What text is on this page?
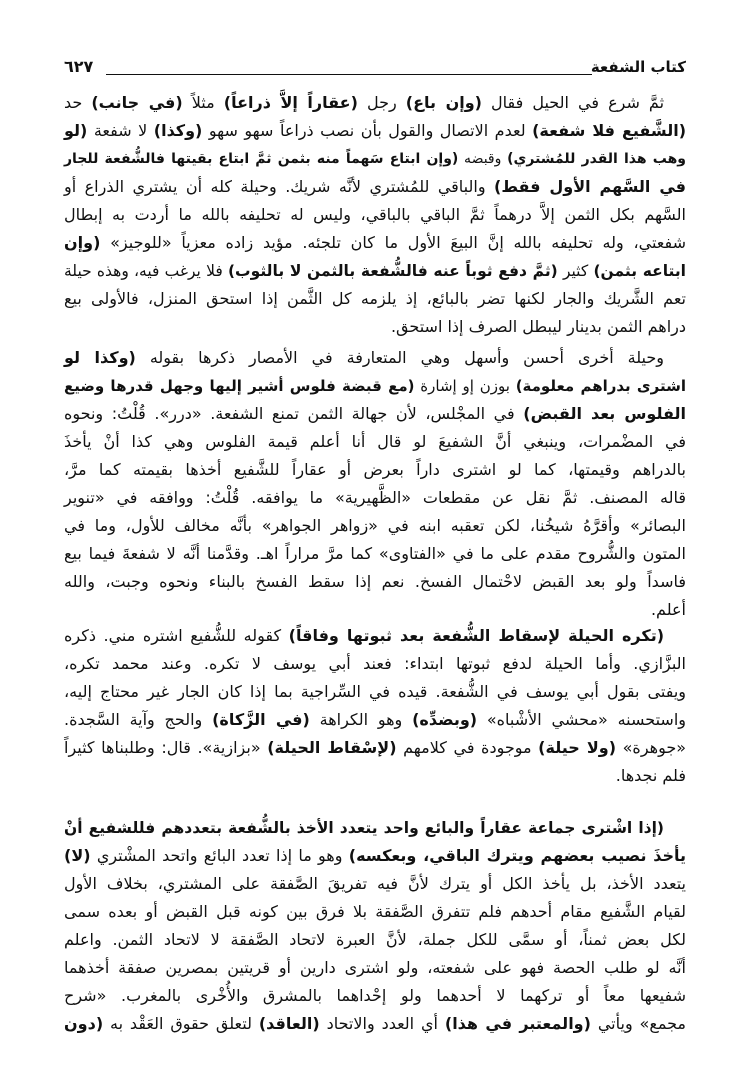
كتاب الشفعة
٦٢٧
ثمَّ شرع في الحيل فقال (وإن باع) رجل (عقاراً إلاَّ ذراعاً) مثلاً (في جانب) حد
(الشَّفيع فلا شفعة) لعدم الاتصال والقول بأن نصب ذراعاً سهو سهو (وكذا) لا شفعة (لو
وهب هذا القدر للمُشتري) وقبضه (وإن ابتاع سَهماً منه بثمن ثمَّ ابتاع بقيتها فالشُّفعة للجار
في السَّهم الأول فقط) والباقي للمُشتري لأنَّه شريك. وحيلة كله أن يشتري الذراع أو
السَّهم بكل الثمن إلاَّ درهماً ثمَّ الباقي بالباقي، وليس له تحليفه بالله ما أردت به إبطال
شفعتي، وله تحليفه بالله إنَّ البيعَ الأول ما كان تلجئه. مؤيد زاده معزياً «للوجيز» (وإن
ابتاعه بثمن) كثير (ثمَّ دفع ثوباً عنه فالشُّفعة بالثمن لا بالثوب) فلا يرغب فيه، وهذه حيلة
تعم الشَّريك والجار لكنها تضر بالبائع، إذ يلزمه كل الثَّمن إذا استحق المنزل، فالأولى بيع
دراهم الثمن بدينار ليبطل الصرف إذا استحق.
وحيلة أخرى أحسن وأسهل وهي المتعارفة في الأمصار ذكرها بقوله (وكذا لو
اشترى بدراهم معلومة) بوزن إو إشارة (مع قبضة فلوس أشير إليها وجهل قدرها وضيع
الفلوس بعد القبض) في المجْلس، لأن جهالة الثمن تمنع الشفعة. «درر». قُلْتُ: ونحوه
في المضْمرات، وينبغي أنَّ الشفيعَ لو قال أنا أعلم قيمة الفلوس وهي كذا أنْ يأخذَ
بالدراهم وقيمتها، كما لو اشترى داراً بعرض أو عقاراً للشَّفيع أخذها بقيمته كما مرَّ،
قاله المصنف. ثمَّ نقل عن مقطعات «الظَّهيرية» ما يوافقه. قُلْتُ: ووافقه في «تنوير
البصائر» وأقرَّهُ شيخُنا، لكن تعقبه ابنه في «زواهر الجواهر» بأنَّه مخالف للأول، وما في
المتون والشُّروح مقدم على ما في «الفتاوى» كما مرَّ مراراً اهـ. وقدَّمنا أنَّه لا شفعةَ فيما بيع
فاسداً ولو بعد القبض لاحْتمال الفسخ. نعم إذا سقط الفسخ بالبناء ونحوه وجبت، والله
أعلم.
(تكره الحيلة لإسقاط الشُّفعة بعد ثبوتها وفاقاً) كقوله للشُّفيع اشتره مني. ذكره
البزَّازي. وأما الحيلة لدفع ثبوتها ابتداء: فعند أبي يوسف لا تكره. وعند محمد تكره،
ويفتى بقول أبي يوسف في الشُّفعة. قيده في السِّراجية بما إذا كان الجار غير محتاج إليه،
واستحسنه «محشي الأشْباه» (وبضدِّه) وهو الكراهة (في الزَّكاة) والحج وآية السَّجدة.
«جوهرة» (ولا حيلة) موجودة في كلامهم (لإسْقاط الحيلة) «بزازية». قال: وطلبناها كثيراً
فلم نجدها.
(إذا اشْترى جماعة عقاراً والبائع واحد يتعدد الأخذ بالشُّفعة بتعددهم فللشفيع أنْ
يأخذَ نصيب بعضهم ويترك الباقي، وبعكسه) وهو ما إذا تعدد البائع واتحد المشْتري (لا)
يتعدد الأخذ، بل يأخذ الكل أو يترك لأنَّ فيه تفريقَ الصَّفقة على المشتري، بخلاف الأول
لقيام الشَّفيع مقام أحدهم فلم تتفرق الصَّفقة بلا فرق بين كونه قبل القبض أو بعده سمى
لكل بعض ثمناً، أو سمَّى للكل جملة، لأنَّ العبرة لاتحاد الصَّفقة لا لاتحاد الثمن. واعلم
أنَّه لو طلب الحصة فهو على شفعته، ولو اشترى دارين أو قريتين بمصرين صفقة أخذهما
شفيعها معاً أو تركهما لا أحدهما ولو إحْداهما بالمشرق والأُخْرى بالمغرب. «شرح
مجمع» ويأتي (والمعتبر في هذا) أي العدد والاتحاد (العاقد) لتعلق حقوق العَقْد به (دون
